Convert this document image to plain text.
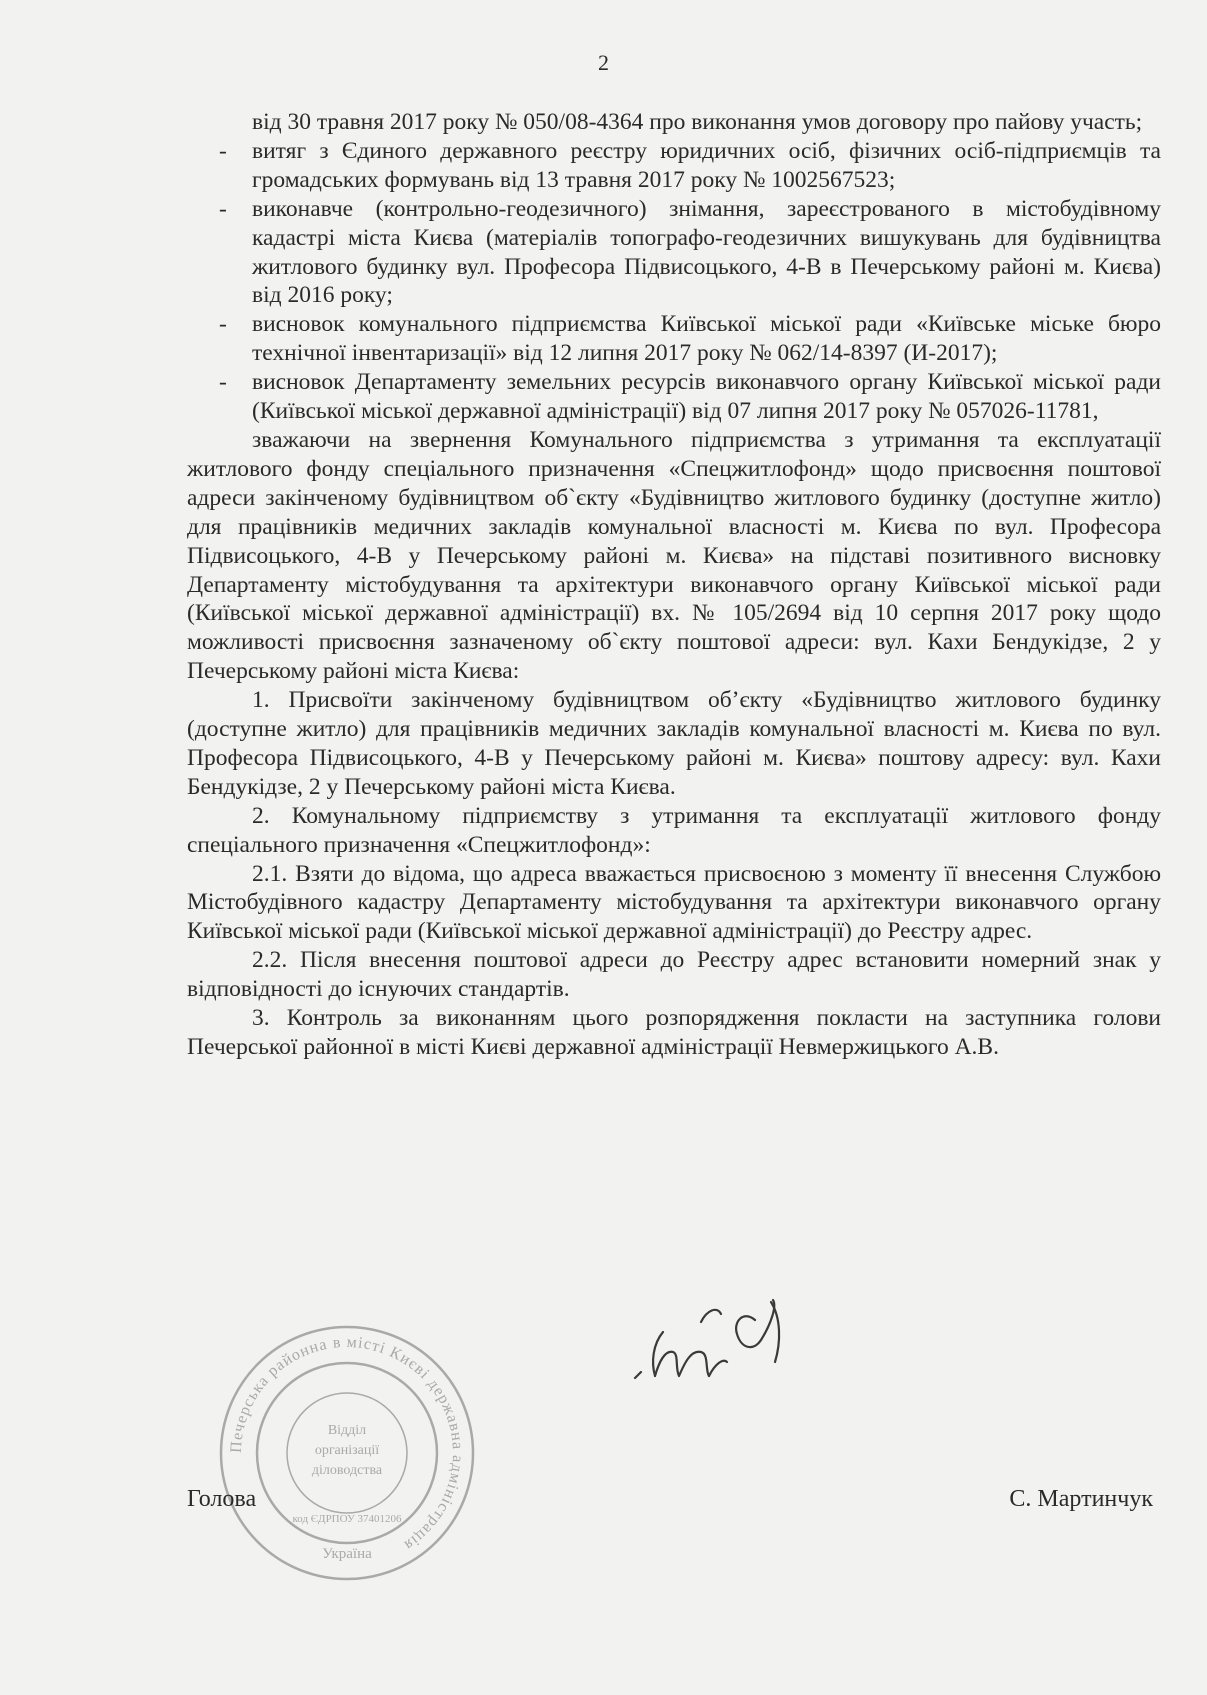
2

від 30 травня 2017 року № 050/08-4364 про виконання умов договору про пайову участь;

- витяг з Єдиного державного реєстру юридичних осіб, фізичних осіб-підприємців та громадських формувань від 13 травня 2017 року № 1002567523;

- виконавче (контрольно-геодезичного) знімання, зареєстрованого в містобудівному кадастрі міста Києва (матеріалів топографо-геодезичних вишукувань для будівництва житлового будинку вул. Професора Підвисоцького, 4-В в Печерському районі м. Києва) від 2016 року;

- висновок комунального підприємства Київської міської ради «Київське міське бюро технічної інвентаризації» від 12 липня 2017 року № 062/14-8397 (И-2017);

- висновок Департаменту земельних ресурсів виконавчого органу Київської міської ради (Київської міської державної адміністрації) від 07 липня 2017 року № 057026-11781,

зважаючи на звернення Комунального підприємства з утримання та експлуатації житлового фонду спеціального призначення «Спецжитлофонд» щодо присвоєння поштової адреси закінченому будівництвом об`єкту «Будівництво житлового будинку (доступне житло) для працівників медичних закладів комунальної власності м. Києва по вул. Професора Підвисоцького, 4-В у Печерському районі м. Києва» на підставі позитивного висновку Департаменту містобудування та архітектури виконавчого органу Київської міської ради (Київської міської державної адміністрації) вх. № 105/2694 від 10 серпня 2017 року щодо можливості присвоєння зазначеному об`єкту поштової адреси: вул. Кахи Бендукідзе, 2 у Печерському районі міста Києва:

1. Присвоїти закінченому будівництвом об’єкту «Будівництво житлового будинку (доступне житло) для працівників медичних закладів комунальної власності м. Києва по вул. Професора Підвисоцького, 4-В у Печерському районі м. Києва» поштову адресу: вул. Кахи Бендукідзе, 2 у Печерському районі міста Києва.

2. Комунальному підприємству з утримання та експлуатації житлового фонду спеціального призначення «Спецжитлофонд»:

2.1. Взяти до відома, що адреса вважається присвоєною з моменту її внесення Службою Містобудівного кадастру Департаменту містобудування та архітектури виконавчого органу Київської міської ради (Київської міської державної адміністрації) до Реєстру адрес.

2.2. Після внесення поштової адреси до Реєстру адрес встановити номерний знак у відповідності до існуючих стандартів.

3. Контроль за виконанням цього розпорядження покласти на заступника голови Печерської районної в місті Києві державної адміністрації Невмержицького А.В.

Печерська районна в місті Києві державна адміністрація
Відділ
організації
діловодства
код ЄДРПОУ 37401206
Україна
Голова	С. Мартинчук
